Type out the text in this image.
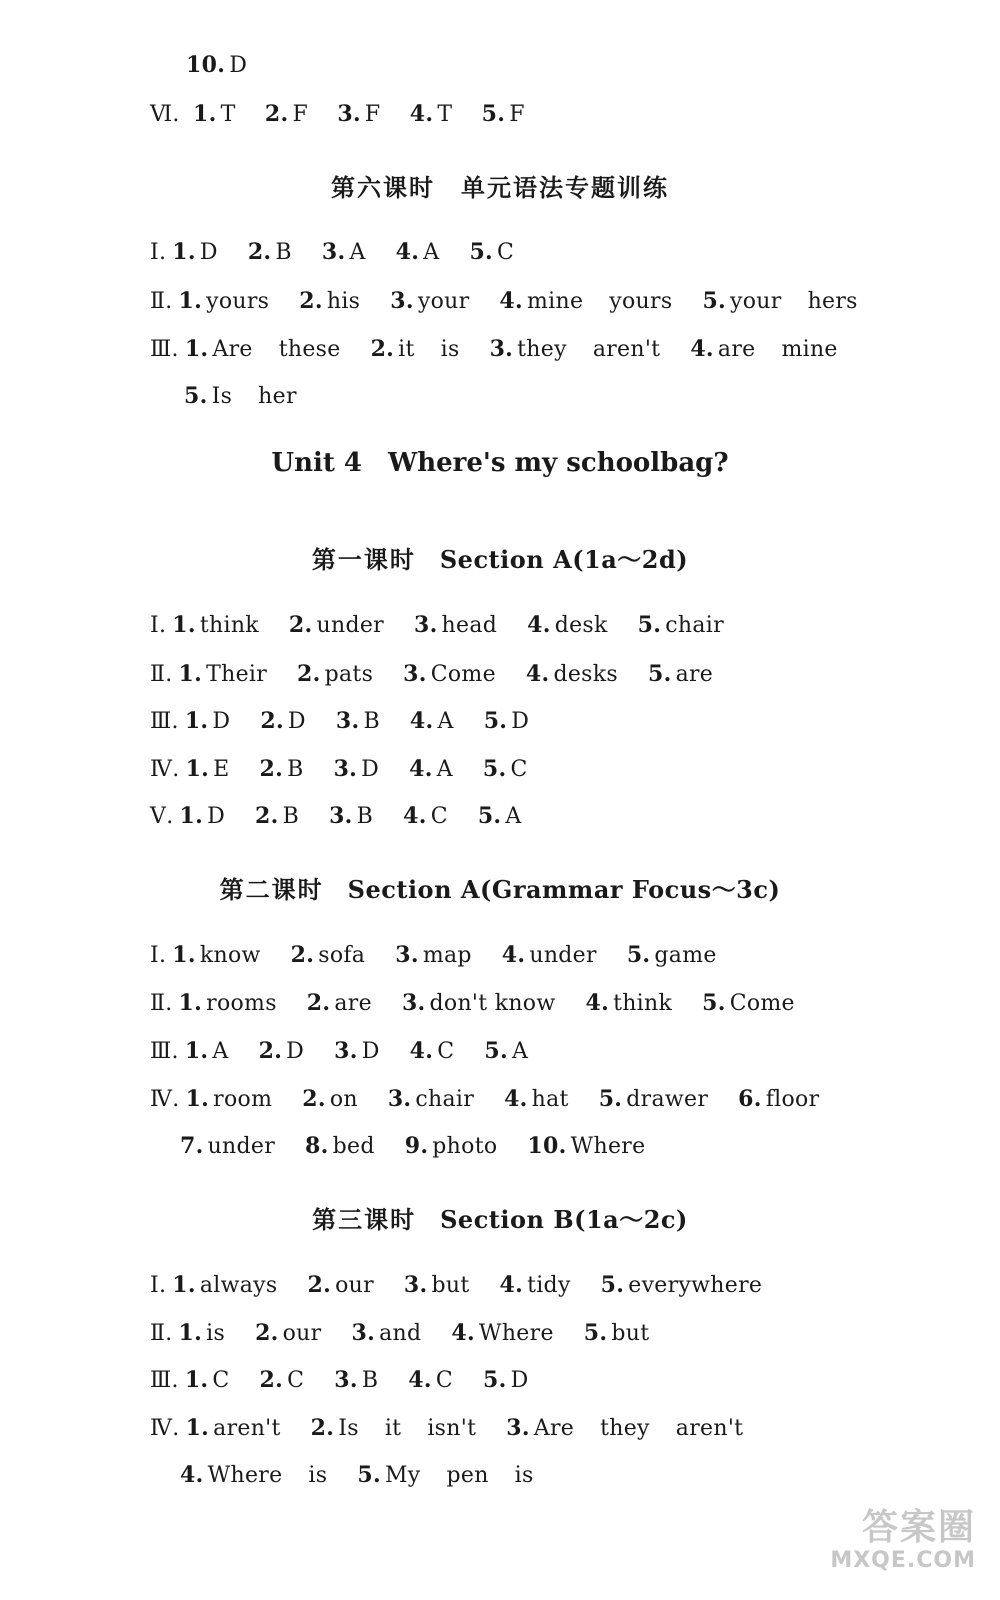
10. D
Ⅵ. 1. T 2. F 3. F 4. T 5. F
第六课时　单元语法专题训练
Ⅰ. 1. D 2. B 3. A 4. A 5. C
Ⅱ. 1. yours 2. his 3. your 4. mine yours 5. your hers
Ⅲ. 1. Are these 2. it is 3. they aren't 4. are mine
5. Is her
Unit 4 Where's my schoolbag?
第一课时 Section A(1a～2d)
Ⅰ. 1. think 2. under 3. head 4. desk 5. chair
Ⅱ. 1. Their 2. pats 3. Come 4. desks 5. are
Ⅲ. 1. D 2. D 3. B 4. A 5. D
Ⅳ. 1. E 2. B 3. D 4. A 5. C
Ⅴ. 1. D 2. B 3. B 4. C 5. A
第二课时 Section A(Grammar Focus～3c)
Ⅰ. 1. know 2. sofa 3. map 4. under 5. game
Ⅱ. 1. rooms 2. are 3. don't know 4. think 5. Come
Ⅲ. 1. A 2. D 3. D 4. C 5. A
Ⅳ. 1. room 2. on 3. chair 4. hat 5. drawer 6. floor
7. under 8. bed 9. photo 10. Where
第三课时 Section B(1a～2c)
Ⅰ. 1. always 2. our 3. but 4. tidy 5. everywhere
Ⅱ. 1. is 2. our 3. and 4. Where 5. but
Ⅲ. 1. C 2. C 3. B 4. C 5. D
Ⅳ. 1. aren't 2. Is it isn't 3. Are they aren't
4. Where is 5. My pen is
答案圈
MXQE.COM
